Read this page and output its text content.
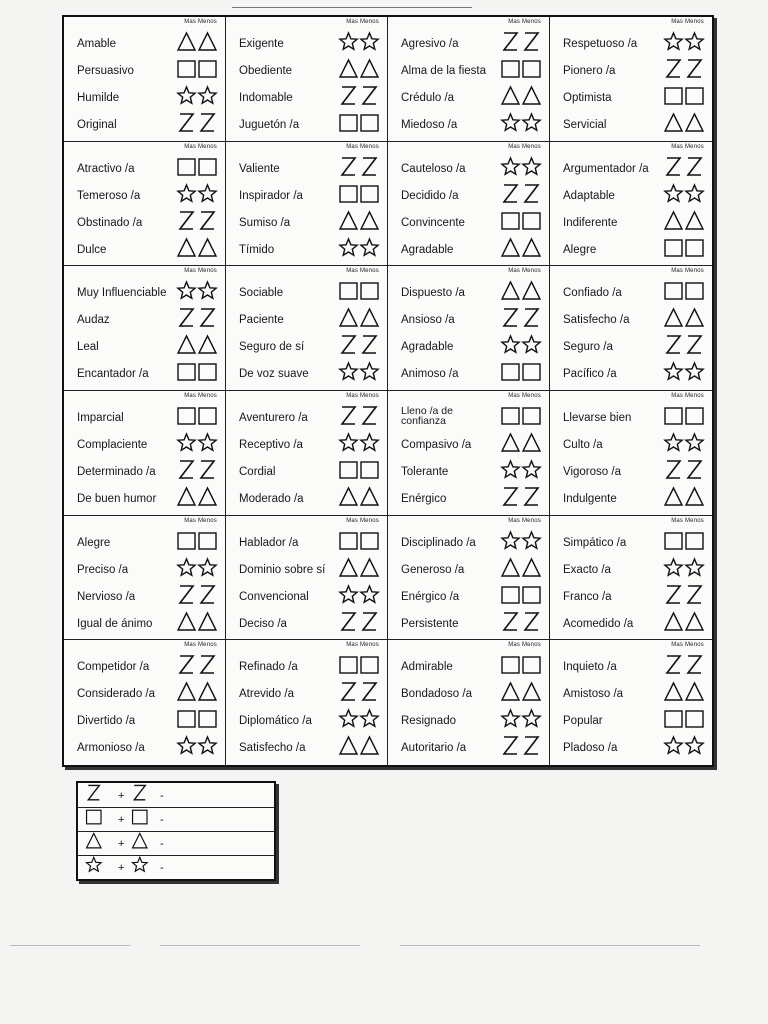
Mas Menos
Amable
Persuasivo
Humilde
Original
Mas Menos
Exigente
Obediente
Indomable
Juguetón /a
Mas Menos
Agresivo /a
Alma de la fiesta
Crédulo /a
Miedoso /a
Mas Menos
Respetuoso /a
Pionero /a
Optimista
Servicial
Mas Menos
Atractivo /a
Temeroso /a
Obstinado /a
Dulce
Mas Menos
Valiente
Inspirador /a
Sumiso /a
Tímido
Mas Menos
Cauteloso /a
Decidido /a
Convincente
Agradable
Mas Menos
Argumentador /a
Adaptable
Indiferente
Alegre
Mas Menos
Muy Influenciable
Audaz
Leal
Encantador /a
Mas Menos
Sociable
Paciente
Seguro de sí
De voz suave
Mas Menos
Dispuesto /a
Ansioso /a
Agradable
Animoso /a
Mas Menos
Confiado /a
Satisfecho /a
Seguro /a
Pacífico /a
Mas Menos
Imparcial
Complaciente
Determinado /a
De buen humor
Mas Menos
Aventurero /a
Receptivo /a
Cordial
Moderado /a
Mas Menos
Lleno /a de confianza
Compasivo /a
Tolerante
Enérgico
Mas Menos
Llevarse bien
Culto /a
Vigoroso /a
Indulgente
Mas Menos
Alegre
Preciso /a
Nervioso /a
Igual de ánimo
Mas Menos
Hablador /a
Dominio sobre sí
Convencional
Deciso /a
Mas Menos
Disciplinado /a
Generoso /a
Enérgico /a
Persistente
Mas Menos
Simpático /a
Exacto /a
Franco /a
Acomedido /a
Mas Menos
Competidor /a
Considerado /a
Divertido /a
Armonioso /a
Mas Menos
Refinado /a
Atrevido /a
Diplomático /a
Satisfecho /a
Mas Menos
Admirable
Bondadoso /a
Resignado
Autoritario /a
Mas Menos
Inquieto /a
Amistoso /a
Popular
Pladoso /a
+	-
+	-
+	-
+	-
